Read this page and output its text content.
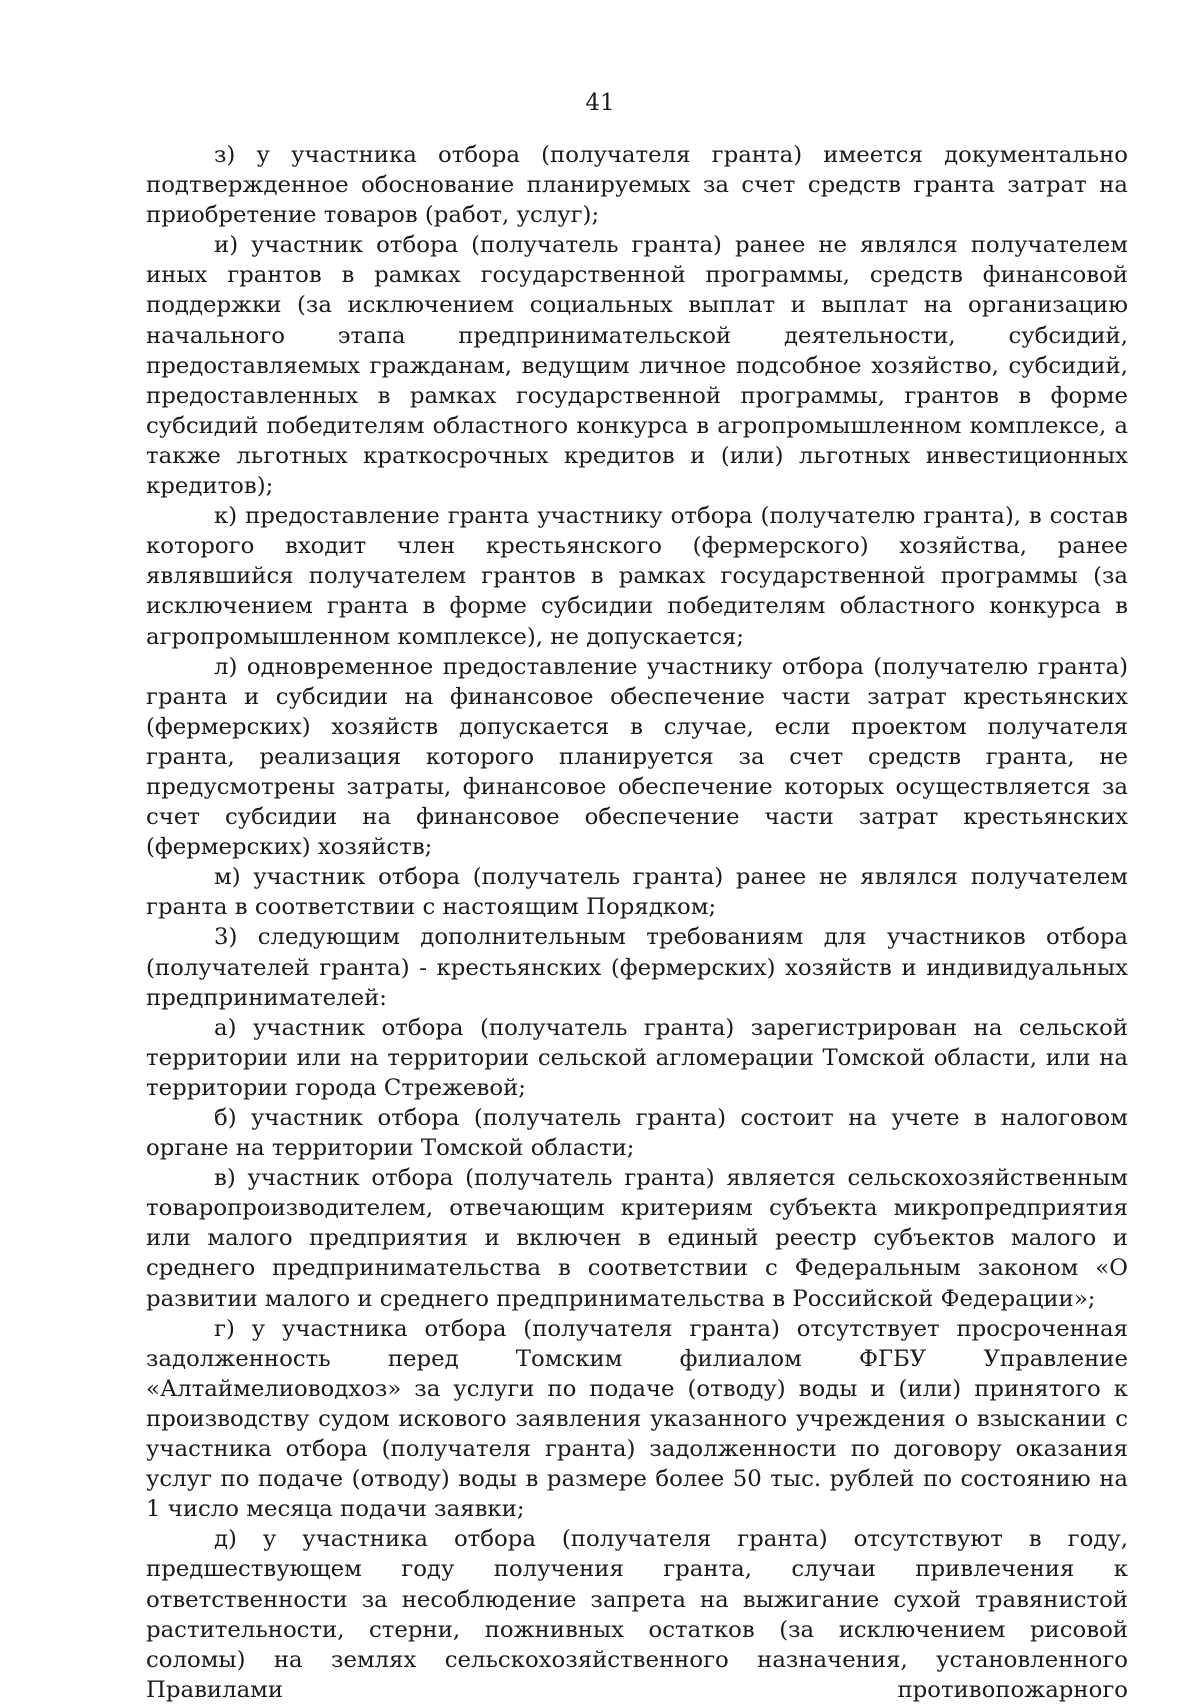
41

з) у участника отбора (получателя гранта) имеется документально подтвержденное обоснование планируемых за счет средств гранта затрат на приобретение товаров (работ, услуг);

и) участник отбора (получатель гранта) ранее не являлся получателем иных грантов в рамках государственной программы, средств финансовой поддержки (за исключением социальных выплат и выплат на организацию начального этапа предпринимательской деятельности, субсидий, предоставляемых гражданам, ведущим личное подсобное хозяйство, субсидий, предоставленных в рамках государственной программы, грантов в форме субсидий победителям областного конкурса в агропромышленном комплексе, а также льготных краткосрочных кредитов и (или) льготных инвестиционных кредитов);

к) предоставление гранта участнику отбора (получателю гранта), в состав которого входит член крестьянского (фермерского) хозяйства, ранее являвшийся получателем грантов в рамках государственной программы (за исключением гранта в форме субсидии победителям областного конкурса в агропромышленном комплексе), не допускается;

л) одновременное предоставление участнику отбора (получателю гранта) гранта и субсидии на финансовое обеспечение части затрат крестьянских (фермерских) хозяйств допускается в случае, если проектом получателя гранта, реализация которого планируется за счет средств гранта, не предусмотрены затраты, финансовое обеспечение которых осуществляется за счет субсидии на финансовое обеспечение части затрат крестьянских (фермерских) хозяйств;

м) участник отбора (получатель гранта) ранее не являлся получателем гранта в соответствии с настоящим Порядком;

3) следующим дополнительным требованиям для участников отбора (получателей гранта) - крестьянских (фермерских) хозяйств и индивидуальных предпринимателей:

а) участник отбора (получатель гранта) зарегистрирован на сельской территории или на территории сельской агломерации Томской области, или на территории города Стрежевой;

б) участник отбора (получатель гранта) состоит на учете в налоговом органе на территории Томской области;

в) участник отбора (получатель гранта) является сельскохозяйственным товаропроизводителем, отвечающим критериям субъекта микропредприятия или малого предприятия и включен в единый реестр субъектов малого и среднего предпринимательства в соответствии с Федеральным законом «О развитии малого и среднего предпринимательства в Российской Федерации»;

г) у участника отбора (получателя гранта) отсутствует просроченная задолженность перед Томским филиалом ФГБУ Управление «Алтаймелиоводхоз» за услуги по подаче (отводу) воды и (или) принятого к производству судом искового заявления указанного учреждения о взыскании с участника отбора (получателя гранта) задолженности по договору оказания услуг по подаче (отводу) воды в размере более 50 тыс. рублей по состоянию на 1 число месяца подачи заявки;

д) у участника отбора (получателя гранта) отсутствуют в году, предшествующем году получения гранта, случаи привлечения к ответственности за несоблюдение запрета на выжигание сухой травянистой растительности, стерни, пожнивных остатков (за исключением рисовой соломы) на землях сельскохозяйственного назначения, установленного Правилами противопожарного
